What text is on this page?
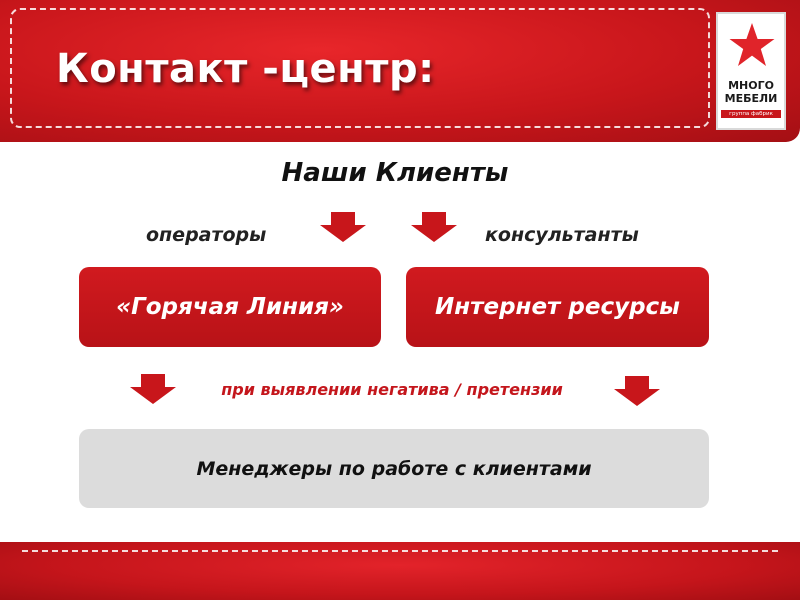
Контакт -центр:	МНОГО
МЕБЕЛИ
группа фабрик
Наши Клиенты
операторы	консультанты
«Горячая Линия»	Интернет ресурсы
при выявлении негатива / претензии
Менеджеры по работе с клиентами
